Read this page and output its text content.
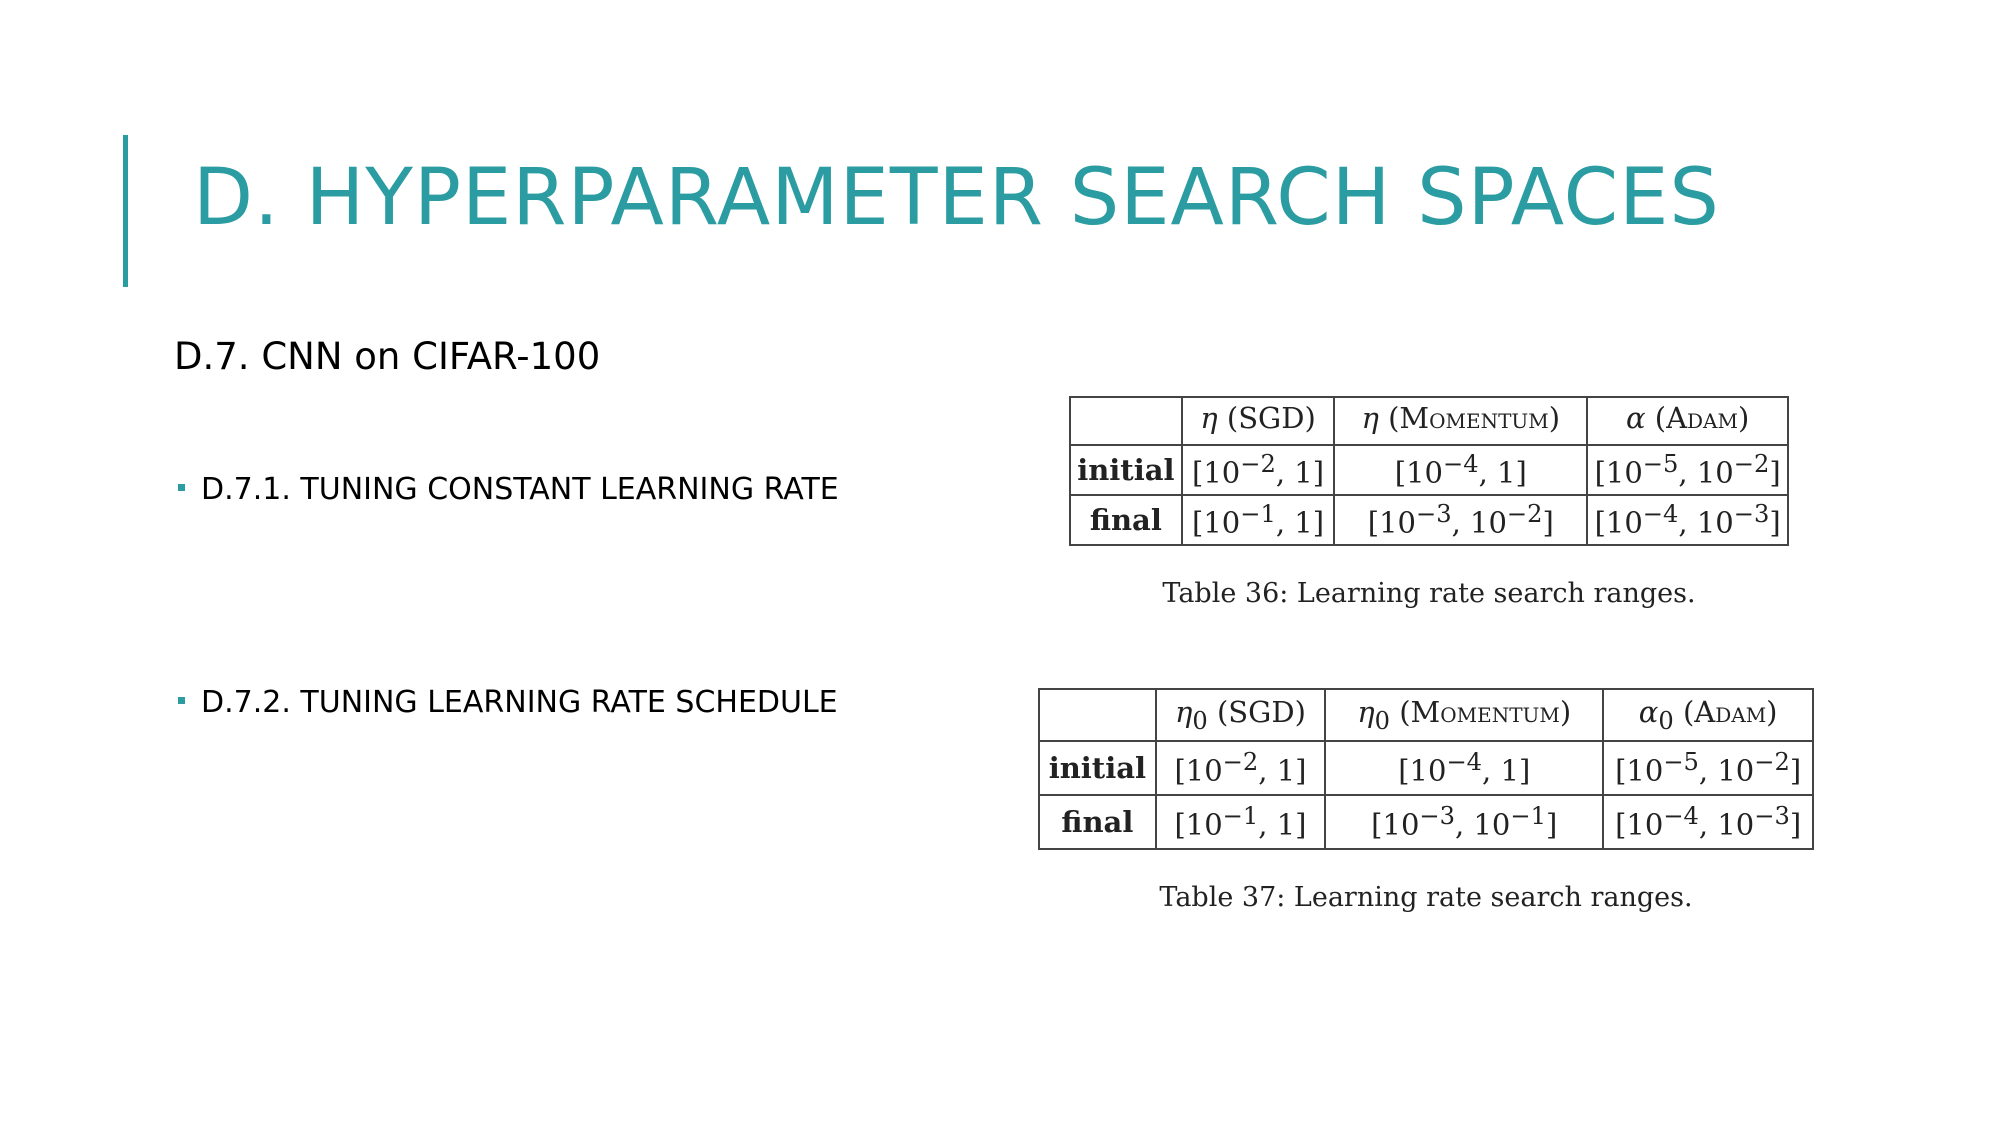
D. HYPERPARAMETER SEARCH SPACES
D.7. CNN on CIFAR-100
D.7.1. TUNING CONSTANT LEARNING RATE
D.7.2. TUNING LEARNING RATE SCHEDULE
	η (SGD)	η (Momentum)	α (Adam)
initial	[$10^{-2}$, 1]	[$10^{-4}$, 1]	[$10^{-5}$, $10^{-2}$]
final	[$10^{-1}$, 1]	[$10^{-3}$, $10^{-2}$]	[$10^{-4}$, $10^{-3}$]

Table 36: Learning rate search ranges.

	$\eta_0$ (SGD)	$\eta_0$ (Momentum)	$\alpha_0$ (Adam)
initial	[$10^{-2}$, 1]	[$10^{-4}$, 1]	[$10^{-5}$, $10^{-2}$]
final	[$10^{-1}$, 1]	[$10^{-3}$, $10^{-1}$]	[$10^{-4}$, $10^{-3}$]

Table 37: Learning rate search ranges.
